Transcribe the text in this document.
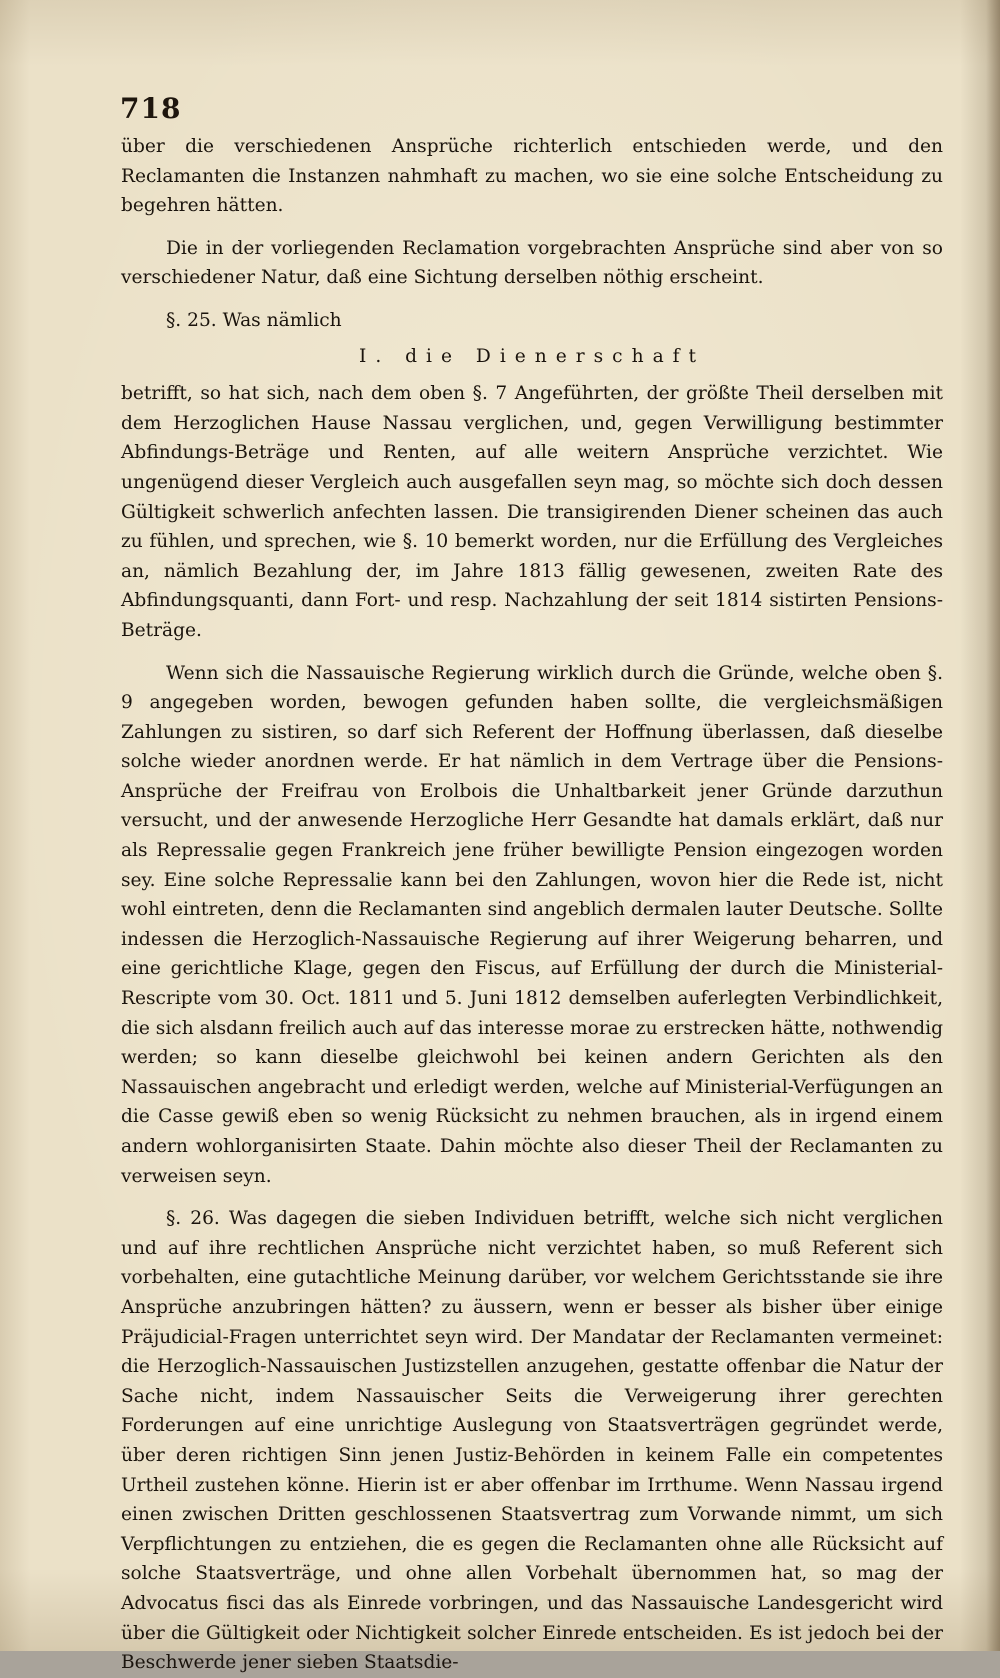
718

über die verschiedenen Ansprüche richterlich entschieden werde, und den Reclamanten die Instanzen nahmhaft zu machen, wo sie eine solche Entscheidung zu begehren hätten.

Die in der vorliegenden Reclamation vorgebrachten Ansprüche sind aber von so verschiedener Natur, daß eine Sichtung derselben nöthig erscheint.

§. 25. Was nämlich

I. die Dienerschaft

betrifft, so hat sich, nach dem oben §. 7 Angeführten, der größte Theil derselben mit dem Herzoglichen Hause Nassau verglichen, und, gegen Verwilligung bestimmter Abfindungs-Beträge und Renten, auf alle weitern Ansprüche verzichtet. Wie ungenügend dieser Vergleich auch ausgefallen seyn mag, so möchte sich doch dessen Gültigkeit schwerlich anfechten lassen. Die transigirenden Diener scheinen das auch zu fühlen, und sprechen, wie §. 10 bemerkt worden, nur die Erfüllung des Vergleiches an, nämlich Bezahlung der, im Jahre 1813 fällig gewesenen, zweiten Rate des Abfindungsquanti, dann Fort- und resp. Nachzahlung der seit 1814 sistirten Pensions-Beträge.

Wenn sich die Nassauische Regierung wirklich durch die Gründe, welche oben §. 9 angegeben worden, bewogen gefunden haben sollte, die vergleichsmäßigen Zahlungen zu sistiren, so darf sich Referent der Hoffnung überlassen, daß dieselbe solche wieder anordnen werde. Er hat nämlich in dem Vertrage über die Pensions-Ansprüche der Freifrau von Erolbois die Unhaltbarkeit jener Gründe darzuthun versucht, und der anwesende Herzogliche Herr Gesandte hat damals erklärt, daß nur als Repressalie gegen Frankreich jene früher bewilligte Pension eingezogen worden sey. Eine solche Repressalie kann bei den Zahlungen, wovon hier die Rede ist, nicht wohl eintreten, denn die Reclamanten sind angeblich dermalen lauter Deutsche. Sollte indessen die Herzoglich-Nassauische Regierung auf ihrer Weigerung beharren, und eine gerichtliche Klage, gegen den Fiscus, auf Erfüllung der durch die Ministerial-Rescripte vom 30. Oct. 1811 und 5. Juni 1812 demselben auferlegten Verbindlichkeit, die sich alsdann freilich auch auf das interesse morae zu erstrecken hätte, nothwendig werden; so kann dieselbe gleichwohl bei keinen andern Gerichten als den Nassauischen angebracht und erledigt werden, welche auf Ministerial-Verfügungen an die Casse gewiß eben so wenig Rücksicht zu nehmen brauchen, als in irgend einem andern wohlorganisirten Staate. Dahin möchte also dieser Theil der Reclamanten zu verweisen seyn.

§. 26. Was dagegen die sieben Individuen betrifft, welche sich nicht verglichen und auf ihre rechtlichen Ansprüche nicht verzichtet haben, so muß Referent sich vorbehalten, eine gutachtliche Meinung darüber, vor welchem Gerichtsstande sie ihre Ansprüche anzubringen hätten? zu äussern, wenn er besser als bisher über einige Präjudicial-Fragen unterrichtet seyn wird. Der Mandatar der Reclamanten vermeinet: die Herzoglich-Nassauischen Justizstellen anzugehen, gestatte offenbar die Natur der Sache nicht, indem Nassauischer Seits die Verweigerung ihrer gerechten Forderungen auf eine unrichtige Auslegung von Staatsverträgen gegründet werde, über deren richtigen Sinn jenen Justiz-Behörden in keinem Falle ein competentes Urtheil zustehen könne. Hierin ist er aber offenbar im Irrthume. Wenn Nassau irgend einen zwischen Dritten geschlossenen Staatsvertrag zum Vorwande nimmt, um sich Verpflichtungen zu entziehen, die es gegen die Reclamanten ohne alle Rücksicht auf solche Staatsverträge, und ohne allen Vorbehalt übernommen hat, so mag der Advocatus fisci das als Einrede vorbringen, und das Nassauische Landesgericht wird über die Gültigkeit oder Nichtigkeit solcher Einrede entscheiden. Es ist jedoch bei der Beschwerde jener sieben Staatsdie-
